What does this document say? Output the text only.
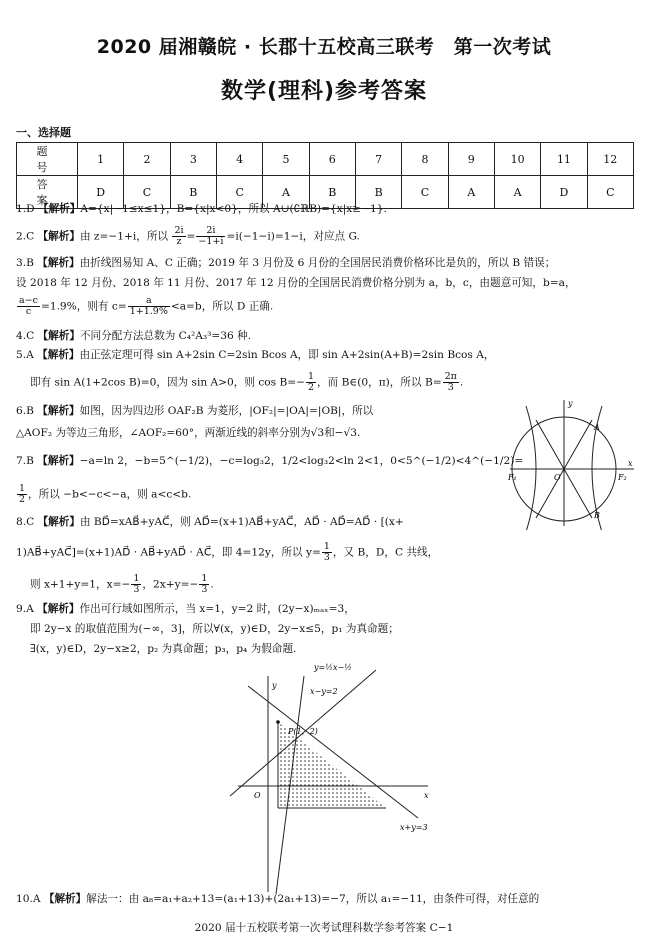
2020 届湘赣皖 · 长郡十五校高三联考　第一次考试
数学(理科)参考答案
一、选择题
题　号	1	2	3	4	5	6	7	8	9	10	11	12
答　案	D	C	B	C	A	B	B	C	A	A	D	C
1.D 【解析】A={x|−1≤x≤1}，B={x|x<0}，所以 A∪(∁ℝB)={x|x≥−1}.
2.C 【解析】由 z=−1+i，所以 $\frac{2i}{z} = \frac{2i}{-1+i} =i(-1-i)=1-i$，对应点 G.
3.B 【解析】由折线图易知 A、C 正确；2019 年 3 月份及 6 月份的全国居民消费价格环比是负的，所以 B 错误；
设 2018 年 12 月份、2018 年 11 月份、2017 年 12 月份的全国居民消费价格分别为 a，b，c，由题意可知，b=a，
$\frac{a-c}{c} =1.9\%$，则有 $c= \frac{a}{1+1.9\%} <a=b$，所以 D 正确.
4.C 【解析】不同分配方法总数为 C₄²A₃³=36 种.
5.A 【解析】由正弦定理可得 sin A+2sin C=2sin Bcos A，即 sin A+2sin(A+B)=2sin Bcos A，
即有 sin A(1+2cos B)=0，因为 sin A>0，则 $\cos B=- \frac{1}{2}$ ，而 B∈(0，π)，所以 $B= \frac{2\pi}{3}$ .
6.B 【解析】如图，因为四边形 OAF₂B 为菱形，|OF₂|=|OA|=|OB|，所以
△AOF₂ 为等边三角形，∠AOF₂=60°，两渐近线的斜率分别为√3和−√3.
y
x
O
F₁	F₂
A
B
7.B 【解析】−a=ln 2，−b=5^(−1/2)，−c=log₃2，1/2<log₃2<ln 2<1，0<5^(−1/2)<4^(−1/2)=
$\frac{1}{2}$ ，所以 −b<−c<−a，则 a<c<b.
8.C 【解析】由 BD⃗=xAB⃗+yAC⃗，则 AD⃗=(x+1)AB⃗+yAC⃗，AD⃗ · AD⃗=AD⃗ · [(x+
1)AB⃗+yAC⃗]=(x+1)AD⃗ · AB⃗+yAD⃗ · AC⃗，即 4=12y，所以 $y= \frac{1}{3}$ ，又 B，D，C 共线，
则 x+1+y=1，$x=- \frac{1}{3}$ ，$2x+y=- \frac{1}{3}$ .
9.A 【解析】作出可行域如图所示，当 x=1，y=2 时，(2y−x)ₘₐₓ=3，
即 2y−x 的取值范围为(−∞，3]，所以∀(x，y)∈D，2y−x≤5，p₁ 为真命题；
∃(x，y)∈D，2y−x≥2，p₂ 为真命题；p₃，p₄ 为假命题.
y
x
O
y=½x−½
x−y=2
P(1，2)
x+y=3
10.A 【解析】解法一：由 a₈=a₁+a₂+13=(a₁+13)+(2a₁+13)=−7，所以 a₁=−11，由条件可得，对任意的
2020 届十五校联考第一次考试理科数学参考答案 C−1
